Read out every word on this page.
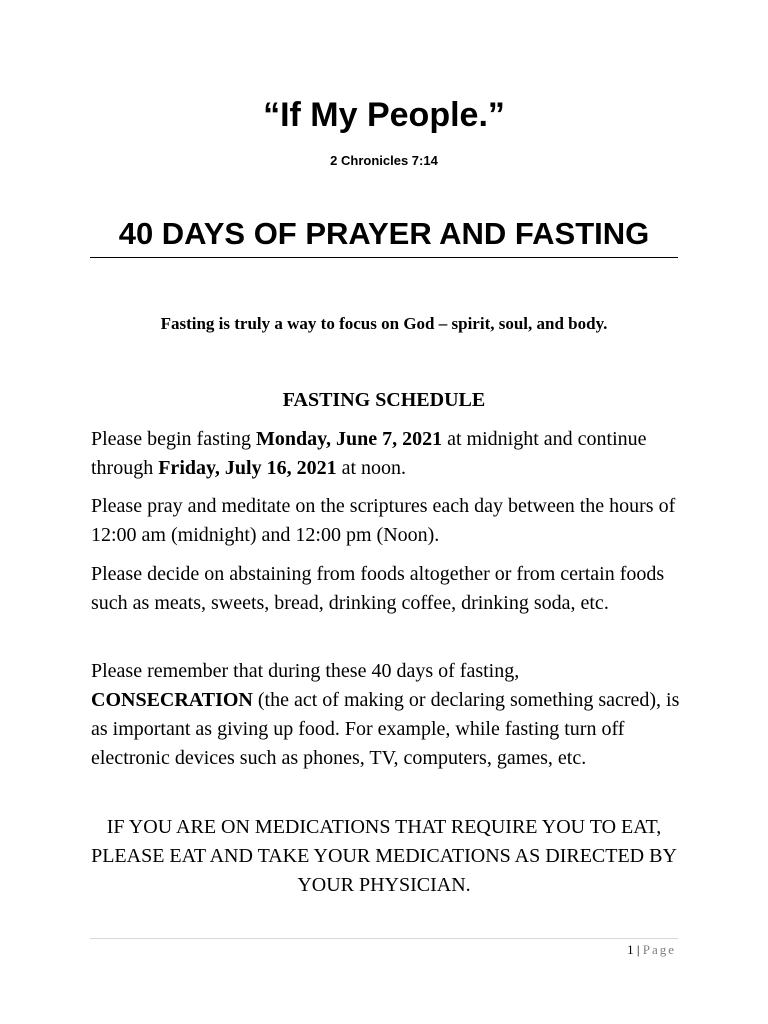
“If My People.”
2 Chronicles 7:14
40 DAYS OF PRAYER AND FASTING
Fasting is truly a way to focus on God – spirit, soul, and body.
FASTING SCHEDULE
Please begin fasting Monday, June 7, 2021 at midnight and continue through Friday, July 16, 2021 at noon.
Please pray and meditate on the scriptures each day between the hours of 12:00 am (midnight) and 12:00 pm (Noon).
Please decide on abstaining from foods altogether or from certain foods such as meats, sweets, bread, drinking coffee, drinking soda, etc.
Please remember that during these 40 days of fasting, CONSECRATION (the act of making or declaring something sacred), is as important as giving up food. For example, while fasting turn off electronic devices such as phones, TV, computers, games, etc.
IF YOU ARE ON MEDICATIONS THAT REQUIRE YOU TO EAT, PLEASE EAT AND TAKE YOUR MEDICATIONS AS DIRECTED BY YOUR PHYSICIAN.
1 | Page
